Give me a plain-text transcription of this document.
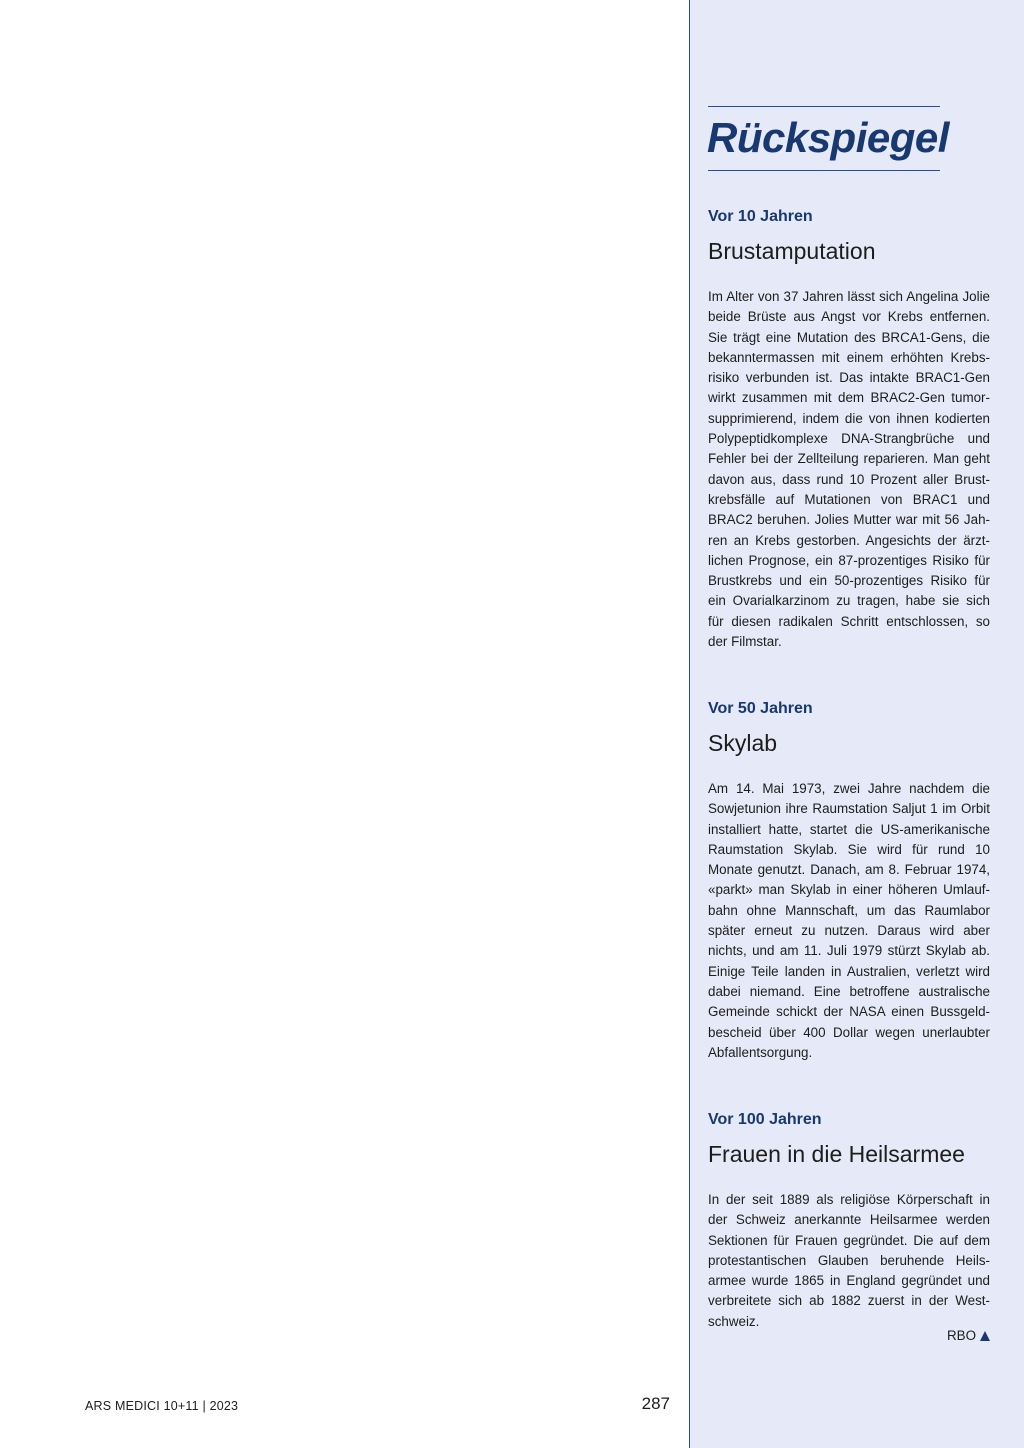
Rückspiegel

Vor 10 Jahren

Brustamputation

Im Alter von 37 Jahren lässt sich Angelina Jolie beide Brüste aus Angst vor Krebs entfernen. Sie trägt eine Mutation des BRCA1-Gens, die bekanntermassen mit einem erhöhten Krebsrisiko verbunden ist. Das intakte BRAC1-Gen wirkt zusammen mit dem BRAC2-Gen tumorsupprimierend, indem die von ihnen kodierten Polypeptidkomplexe DNA-Strangbrüche und Fehler bei der Zellteilung reparieren. Man geht davon aus, dass rund 10 Prozent aller Brustkrebsfälle auf Mutationen von BRAC1 und BRAC2 beruhen. Jolies Mutter war mit 56 Jahren an Krebs gestorben. Angesichts der ärztlichen Prognose, ein 87-prozentiges Risiko für Brustkrebs und ein 50-prozentiges Risiko für ein Ovarialkarzinom zu tragen, habe sie sich für diesen radikalen Schritt entschlossen, so der Filmstar.

Vor 50 Jahren

Skylab

Am 14. Mai 1973, zwei Jahre nachdem die Sowjetunion ihre Raumstation Saljut 1 im Orbit installiert hatte, startet die US-amerikanische Raumstation Skylab. Sie wird für rund 10 Monate genutzt. Danach, am 8. Februar 1974, «parkt» man Skylab in einer höheren Umlaufbahn ohne Mannschaft, um das Raumlabor später erneut zu nutzen. Daraus wird aber nichts, und am 11. Juli 1979 stürzt Skylab ab. Einige Teile landen in Australien, verletzt wird dabei niemand. Eine betroffene australische Gemeinde schickt der NASA einen Bussgeldbescheid über 400 Dollar wegen unerlaubter Abfallentsorgung.

Vor 100 Jahren

Frauen in die Heilsarmee

In der seit 1889 als religiöse Körperschaft in der Schweiz anerkannte Heilsarmee werden Sektionen für Frauen gegründet. Die auf dem protestantischen Glauben beruhende Heilsarmee wurde 1865 in England gegründet und verbreitete sich ab 1882 zuerst in der Westschweiz.

RBO
ARS MEDICI 10+11 | 2023	287
